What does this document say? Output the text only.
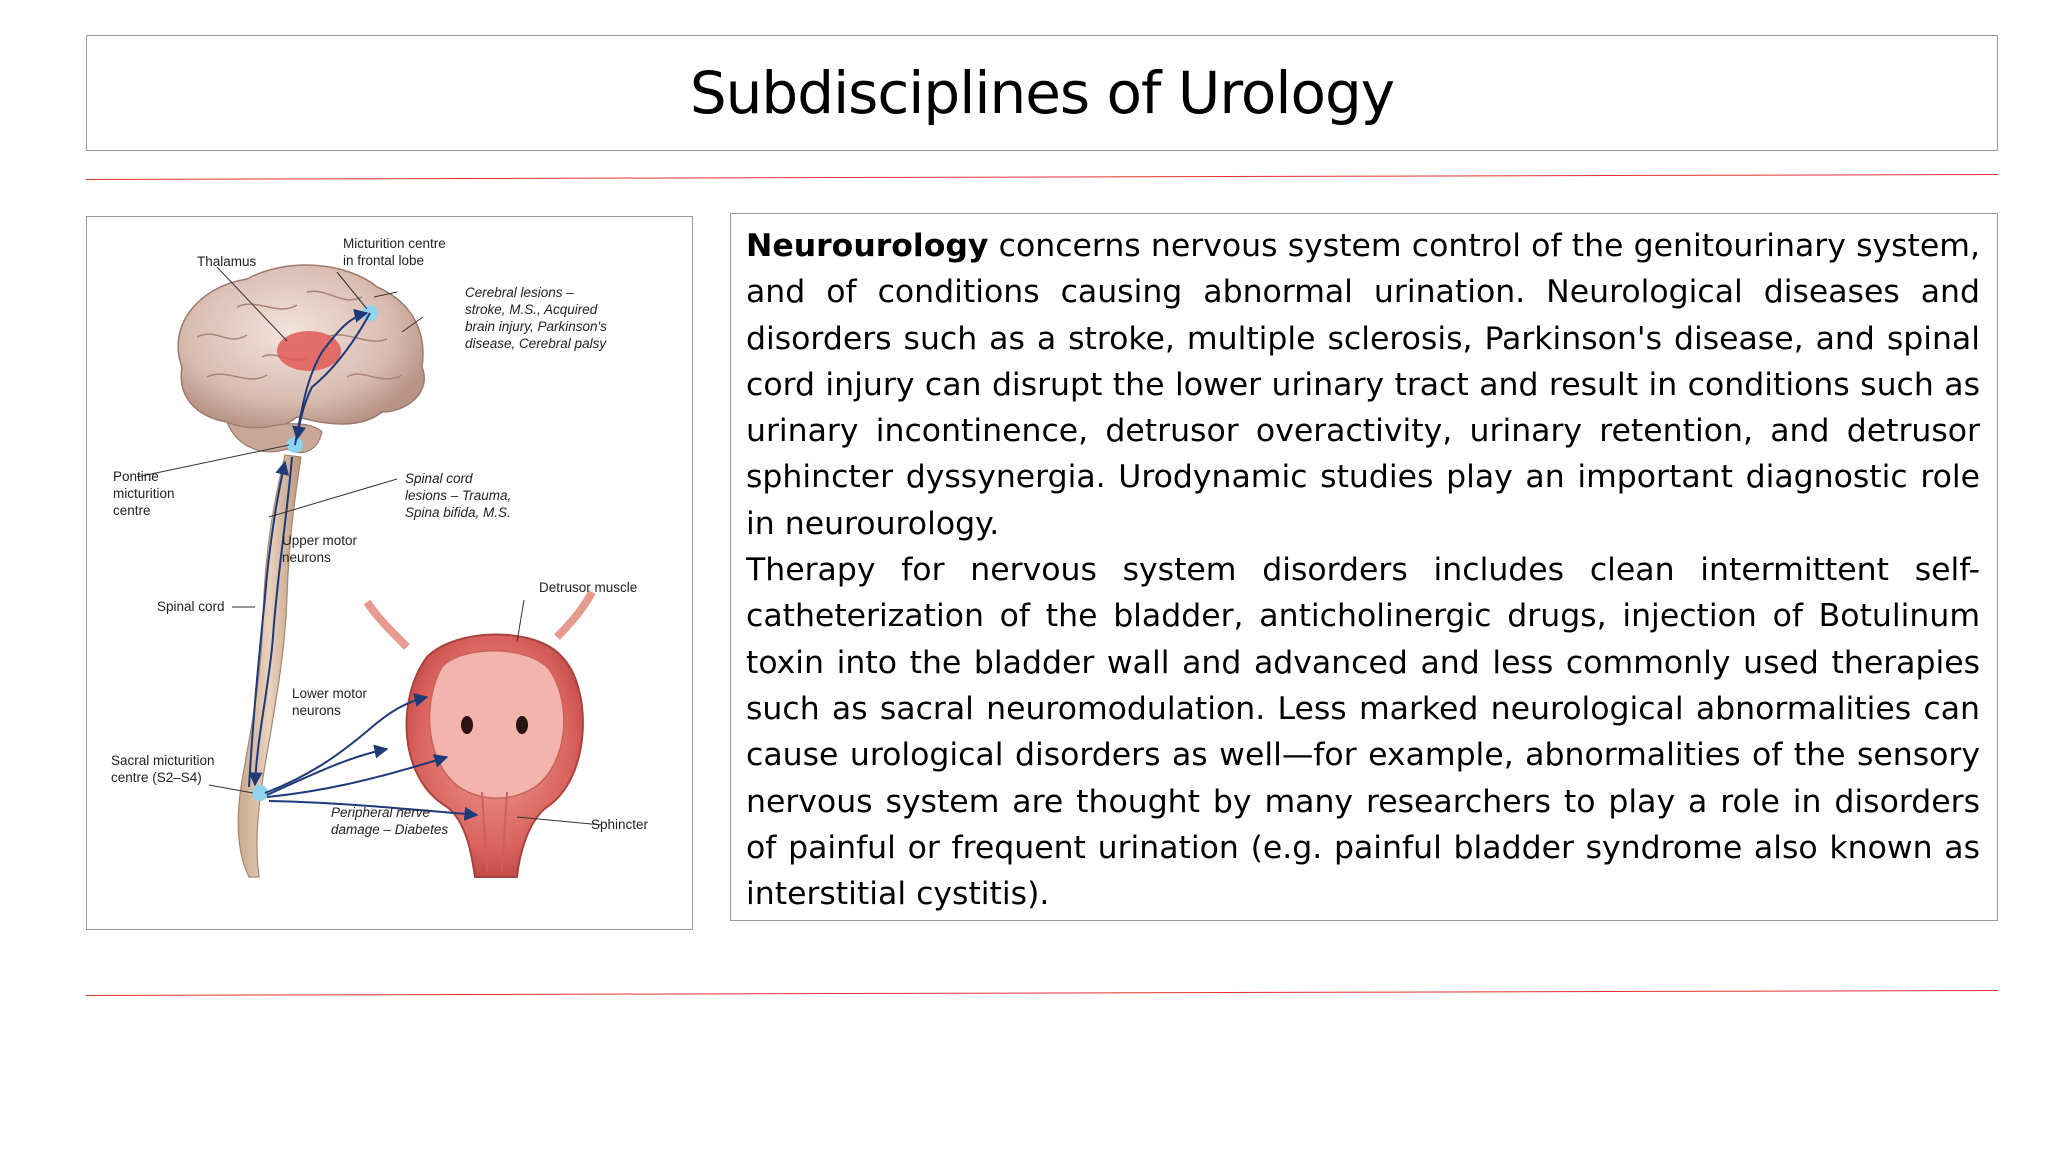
Subdisciplines of Urology
Thalamus
Micturition centre
in frontal lobe
Cerebral lesions –
stroke, M.S., Acquired
brain injury, Parkinson's
disease, Cerebral palsy
Pontine
micturition
centre
Spinal cord
lesions – Trauma,
Spina bifida, M.S.
Upper motor
neurons
Spinal cord
Detrusor muscle
Lower motor
neurons
Sacral micturition
centre (S2–S4)
Peripheral nerve
damage – Diabetes	Sphincter

Neurourology concerns nervous system control of the genitourinary system, and of conditions causing abnormal urination. Neurological diseases and disorders such as a stroke, multiple sclerosis, Parkinson's disease, and spinal cord injury can disrupt the lower urinary tract and result in conditions such as urinary incontinence, detrusor overactivity, urinary retention, and detrusor sphincter dyssynergia. Urodynamic studies play an important diagnostic role in neurourology.

Therapy for nervous system disorders includes clean intermittent self-catheterization of the bladder, anticholinergic drugs, injection of Botulinum toxin into the bladder wall and advanced and less commonly used therapies such as sacral neuromodulation. Less marked neurological abnormalities can cause urological disorders as well—for example, abnormalities of the sensory nervous system are thought by many researchers to play a role in disorders of painful or frequent urination (e.g. painful bladder syndrome also known as interstitial cystitis).
